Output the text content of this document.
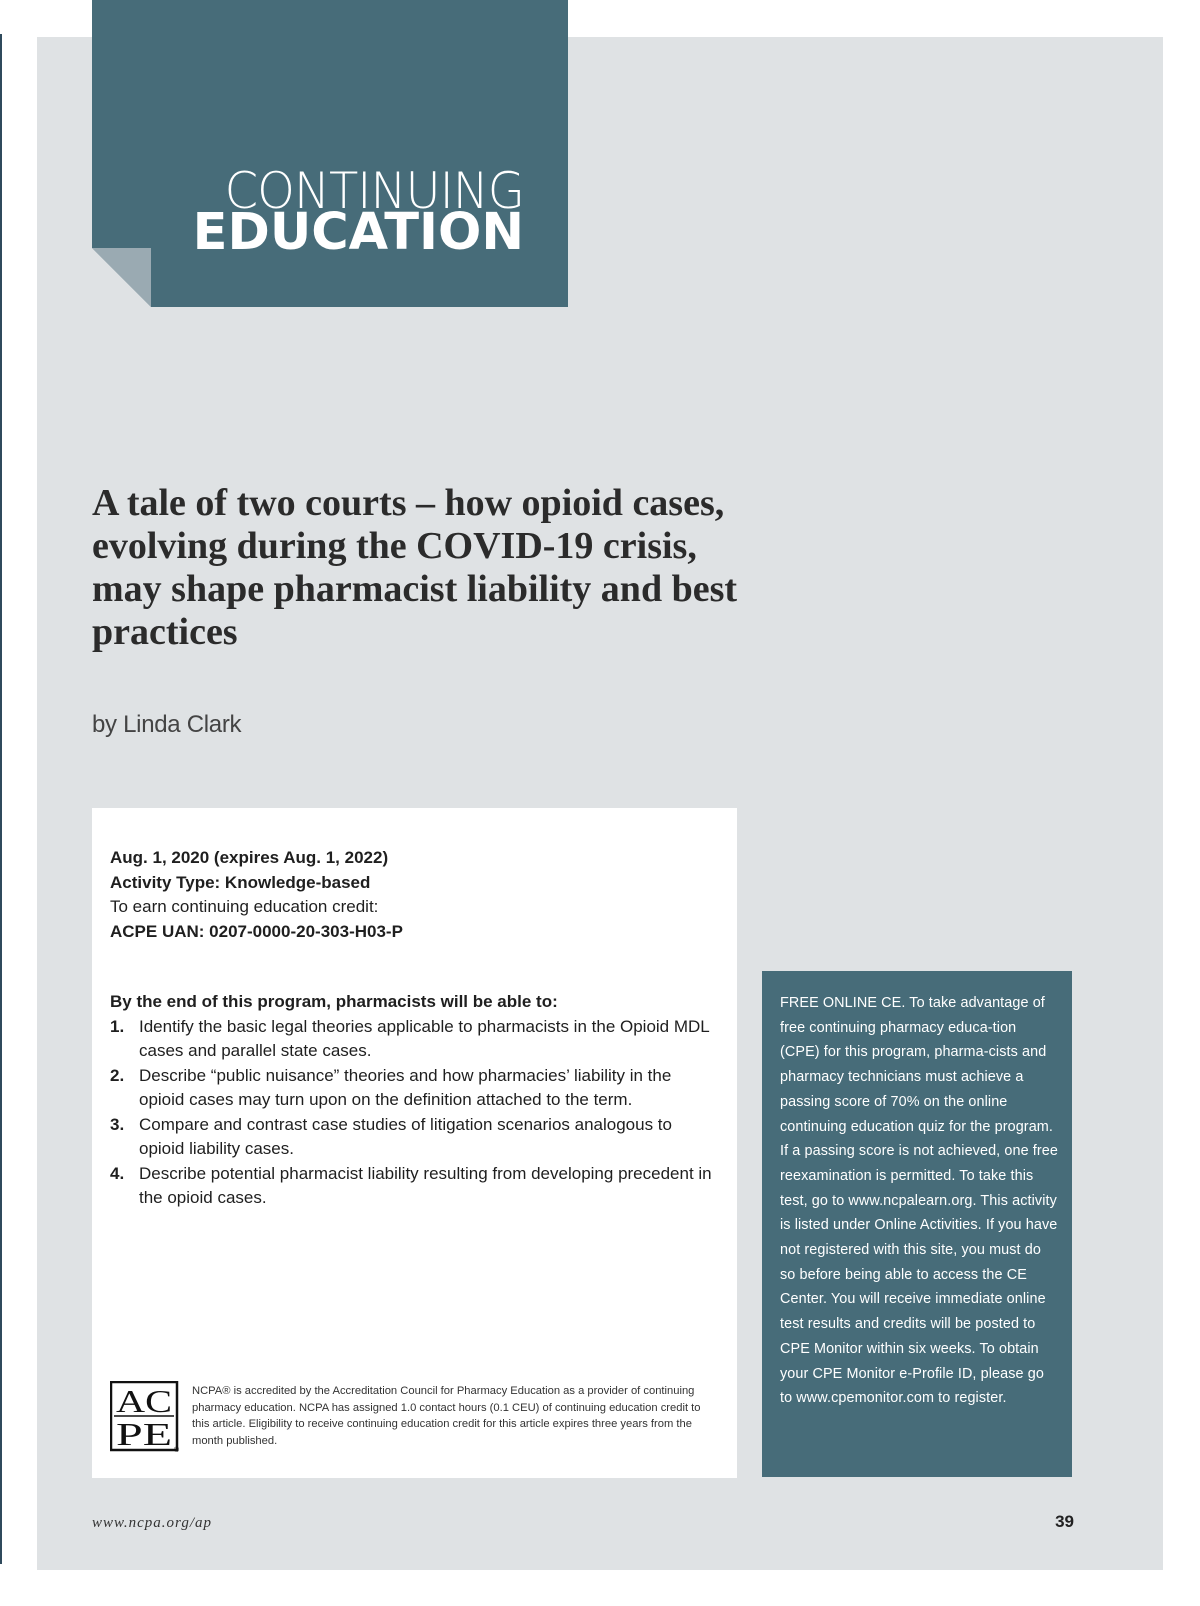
CONTINUING
EDUCATION
A tale of two courts – how opioid cases, evolving during the COVID-19 crisis, may shape pharmacist liability and best practices
by Linda Clark
Aug. 1, 2020 (expires Aug. 1, 2022)
Activity Type: Knowledge-based
To earn continuing education credit:
ACPE UAN: 0207-0000-20-303-H03-P

By the end of this program, pharmacists will be able to:

1. Identify the basic legal theories applicable to pharmacists in the Opioid MDL cases and parallel state cases.
2. Describe “public nuisance” theories and how pharmacies’ liability in the opioid cases may turn upon on the definition attached to the term.
3. Compare and contrast case studies of litigation scenarios analogous to opioid liability cases.
4. Describe potential pharmacist liability resulting from developing precedent in the opioid cases.
AC
PE ®
NCPA® is accredited by the Accreditation Council for Pharmacy Education as a provider of continuing pharmacy education. NCPA has assigned 1.0 contact hours (0.1 CEU) of continuing education credit to this article. Eligibility to receive continuing education credit for this article expires three years from the month published.
FREE ONLINE CE. To take advantage of free continuing pharmacy educa-tion (CPE) for this program, pharma-cists and pharmacy technicians must achieve a passing score of 70% on the online continuing education quiz for the program. If a passing score is not achieved, one free reexamination is permitted. To take this test, go to www.ncpalearn.org. This activity is listed under Online Activities. If you have not registered with this site, you must do so before being able to access the CE Center. You will receive immediate online test results and credits will be posted to CPE Monitor within six weeks. To obtain your CPE Monitor e-Profile ID, please go to www.cpemonitor.com to register.
www.ncpa.org/ap	39
